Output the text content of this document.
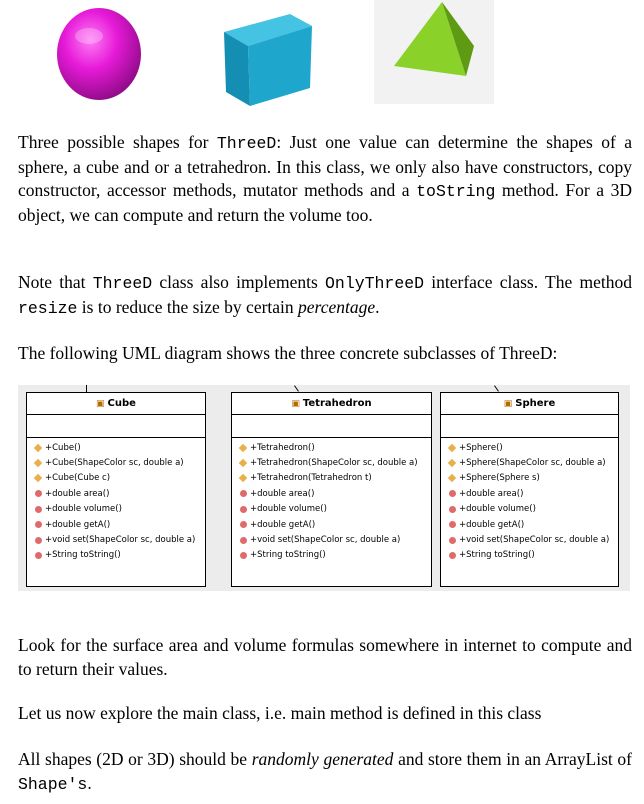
Three possible shapes for ThreeD: Just one value can determine the shapes of a sphere, a cube and or a tetrahedron. In this class, we only also have constructors, copy constructor, accessor methods, mutator methods and a toString method. For a 3D object, we can compute and return the volume too.

Note that ThreeD class also implements OnlyThreeD interface class. The method resize is to reduce the size by certain percentage.

The following UML diagram shows the three concrete subclasses of ThreeD:

▣ Cube
+Cube()
+Cube(ShapeColor sc, double a)
+Cube(Cube c)
+double area()
+double volume()
+double getA()
+void set(ShapeColor sc, double a)
+String toString()
▣ Tetrahedron
+Tetrahedron()
+Tetrahedron(ShapeColor sc, double a)
+Tetrahedron(Tetrahedron t)
+double area()
+double volume()
+double getA()
+void set(ShapeColor sc, double a)
+String toString()
▣ Sphere
+Sphere()
+Sphere(ShapeColor sc, double a)
+Sphere(Sphere s)
+double area()
+double volume()
+double getA()
+void set(ShapeColor sc, double a)
+String toString()

Look for the surface area and volume formulas somewhere in internet to compute and to return their values.

Let us now explore the main class, i.e. main method is defined in this class

All shapes (2D or 3D) should be randomly generated and store them in an ArrayList of Shape's.
